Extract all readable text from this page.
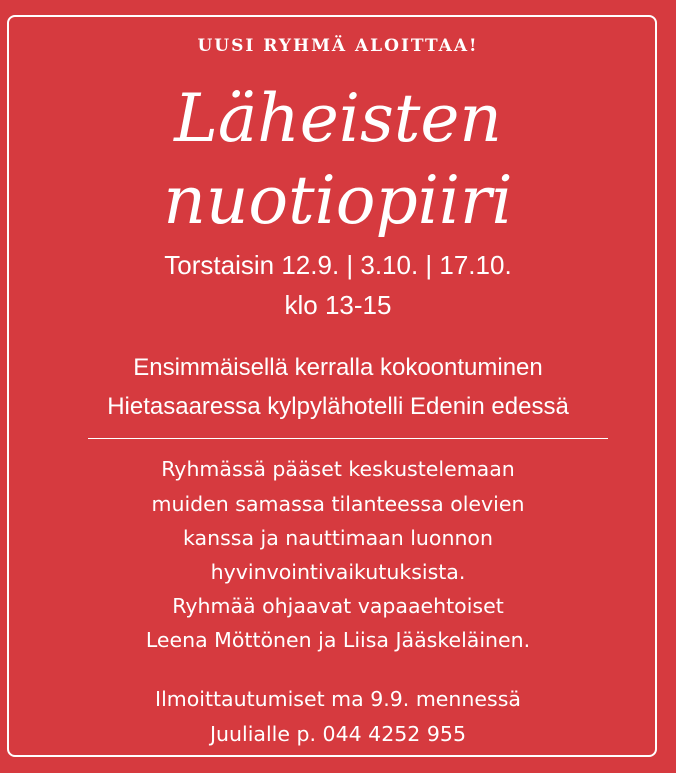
UUSI RYHMÄ ALOITTAA!
Läheisten
nuotiopiiri
Torstaisin 12.9. | 3.10. | 17.10.
klo 13-15
Ensimmäisellä kerralla kokoontuminen
Hietasaaressa kylpylähotelli Edenin edessä
Ryhmässä pääset keskustelemaan
muiden samassa tilanteessa olevien
kanssa ja nauttimaan luonnon
hyvinvointivaikutuksista.
Ryhmää ohjaavat vapaaehtoiset
Leena Möttönen ja Liisa Jääskeläinen.
Ilmoittautumiset ma 9.9. mennessä
Juulialle p. 044 4252 955
